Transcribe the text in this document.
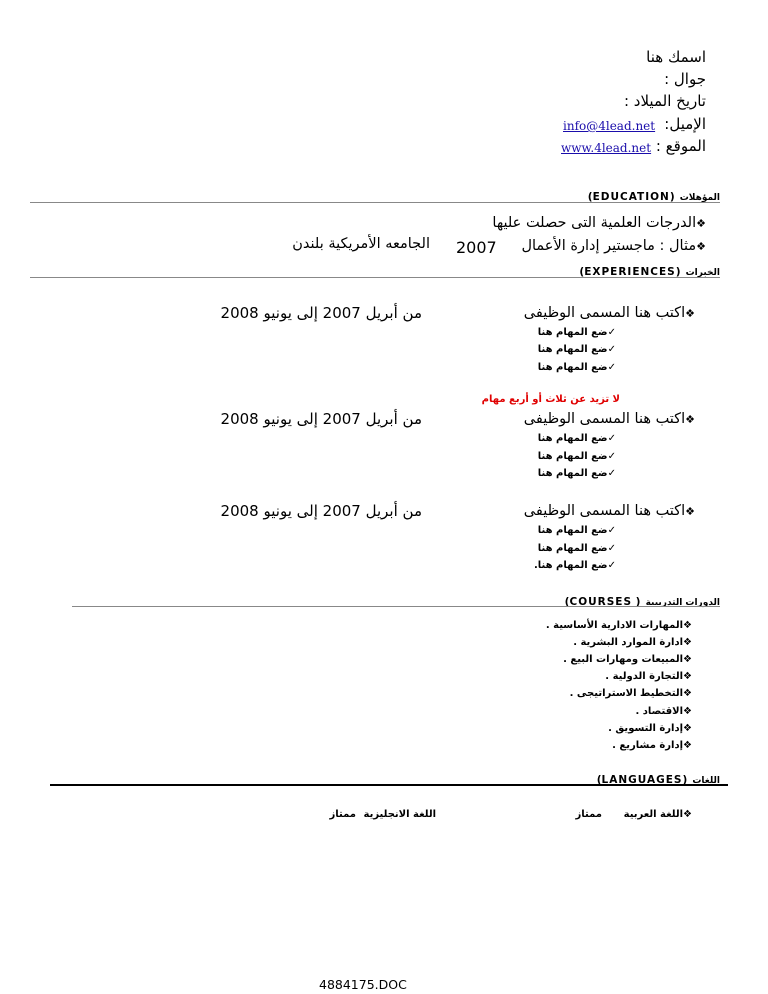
اسمك هنا
جوال :
تاريخ الميلاد :
الإميل:
info@4lead.net
الموقع :
www.4lead.net
المؤهلات (EDUCATION)
❖الدرجات العلمية التى حصلت عليها
❖مثال : ماجستير إدارة الأعمال
2007
الجامعه الأمريكية بلندن
الخبرات (EXPERIENCES)
❖اكتب هنا المسمى الوظيفى
من أبريل 2007 إلى يونيو 2008
✓ضع المهام هنا
✓ضع المهام هنا
✓ضع المهام هنا
لا تزيد عن ثلاث أو أربع مهام
❖اكتب هنا المسمى الوظيفى
من أبريل 2007 إلى يونيو 2008
✓ضع المهام هنا
✓ضع المهام هنا
✓ضع المهام هنا
❖اكتب هنا المسمى الوظيفى
من أبريل 2007 إلى يونيو 2008
✓ضع المهام هنا
✓ضع المهام هنا
✓ضع المهام هنا.
الدورات التدريبية ( COURSES)
❖المهارات الادارية الأساسية .
❖ادارة الموارد البشرية .
❖المبيعات ومهارات البيع .
❖التجارة الدولية .
❖التخطيط الاستراتيجى .
❖الاقتصاد .
❖إدارة التسويق .
❖إدارة مشاريع .
اللغات (LANGUAGES)
❖اللغة العربية
ممتاز
اللغة الانجليزية
ممتاز
4884175.DOC
